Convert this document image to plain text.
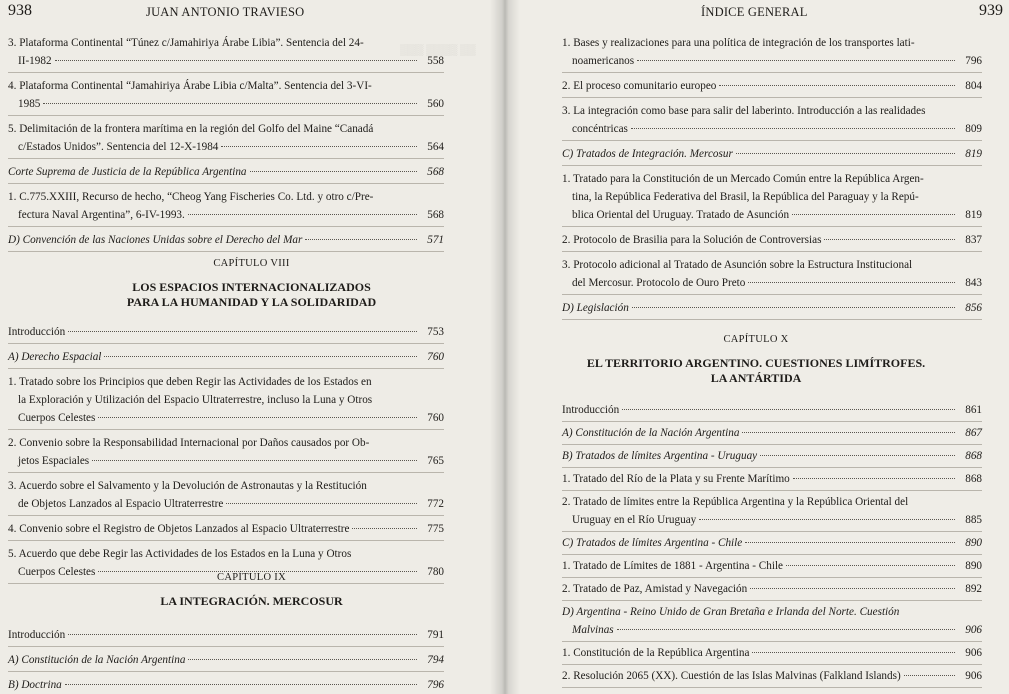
▒▒▒ ▒▒▒▒ ▒▒
938	JUAN ANTONIO TRAVIESO
3. Plataforma Continental “Túnez c/Jamahiriya Árabe Libia”. Sentencia del 24-
II-1982	558
4. Plataforma Continental “Jamahiriya Árabe Libia c/Malta”. Sentencia del 3-VI-
1985	560
5. Delimitación de la frontera marítima en la región del Golfo del Maine “Canadá
c/Estados Unidos”. Sentencia del 12-X-1984	564
Corte Suprema de Justicia de la República Argentina	568
1. C.775.XXIII, Recurso de hecho, “Cheog Yang Fischeries Co. Ltd. y otro c/Pre-
fectura Naval Argentina”, 6-IV-1993.	568
D) Convención de las Naciones Unidas sobre el Derecho del Mar	571
CAPÍTULO VIII
LOS ESPACIOS INTERNACIONALIZADOS
PARA LA HUMANIDAD Y LA SOLIDARIDAD
Introducción	753
A) Derecho Espacial	760
1. Tratado sobre los Principios que deben Regir las Actividades de los Estados en
la Exploración y Utilización del Espacio Ultraterrestre, incluso la Luna y Otros
Cuerpos Celestes	760
2. Convenio sobre la Responsabilidad Internacional por Daños causados por Ob-
jetos Espaciales	765
3. Acuerdo sobre el Salvamento y la Devolución de Astronautas y la Restitución
de Objetos Lanzados al Espacio Ultraterrestre	772
4. Convenio sobre el Registro de Objetos Lanzados al Espacio Ultraterrestre	775
5. Acuerdo que debe Regir las Actividades de los Estados en la Luna y Otros
Cuerpos Celestes	780
CAPÍTULO IX
LA INTEGRACIÓN. MERCOSUR
Introducción	791
A) Constitución de la Nación Argentina	794
B) Doctrina	796
939
ÍNDICE GENERAL
1. Bases y realizaciones para una política de integración de los transportes lati-
noamericanos	796
2. El proceso comunitario europeo	804
3. La integración como base para salir del laberinto. Introducción a las realidades
concéntricas	809
C) Tratados de Integración. Mercosur	819
1. Tratado para la Constitución de un Mercado Común entre la República Argen-
tina, la República Federativa del Brasil, la República del Paraguay y la Repú-
blica Oriental del Uruguay. Tratado de Asunción	819
2. Protocolo de Brasilia para la Solución de Controversias	837
3. Protocolo adicional al Tratado de Asunción sobre la Estructura Institucional
del Mercosur. Protocolo de Ouro Preto	843
D) Legislación	856
CAPÍTULO X
EL TERRITORIO ARGENTINO. CUESTIONES LIMÍTROFES.
LA ANTÁRTIDA
Introducción	861
A) Constitución de la Nación Argentina	867
B) Tratados de límites Argentina - Uruguay	868
1. Tratado del Río de la Plata y su Frente Marítimo	868
2. Tratado de límites entre la República Argentina y la República Oriental del
Uruguay en el Río Uruguay	885
C) Tratados de límites Argentina - Chile	890
1. Tratado de Límites de 1881 - Argentina - Chile	890
2. Tratado de Paz, Amistad y Navegación	892
D) Argentina - Reino Unido de Gran Bretaña e Irlanda del Norte. Cuestión
Malvinas	906
1. Constitución de la República Argentina	906
2. Resolución 2065 (XX). Cuestión de las Islas Malvinas (Falkland Islands)	906
